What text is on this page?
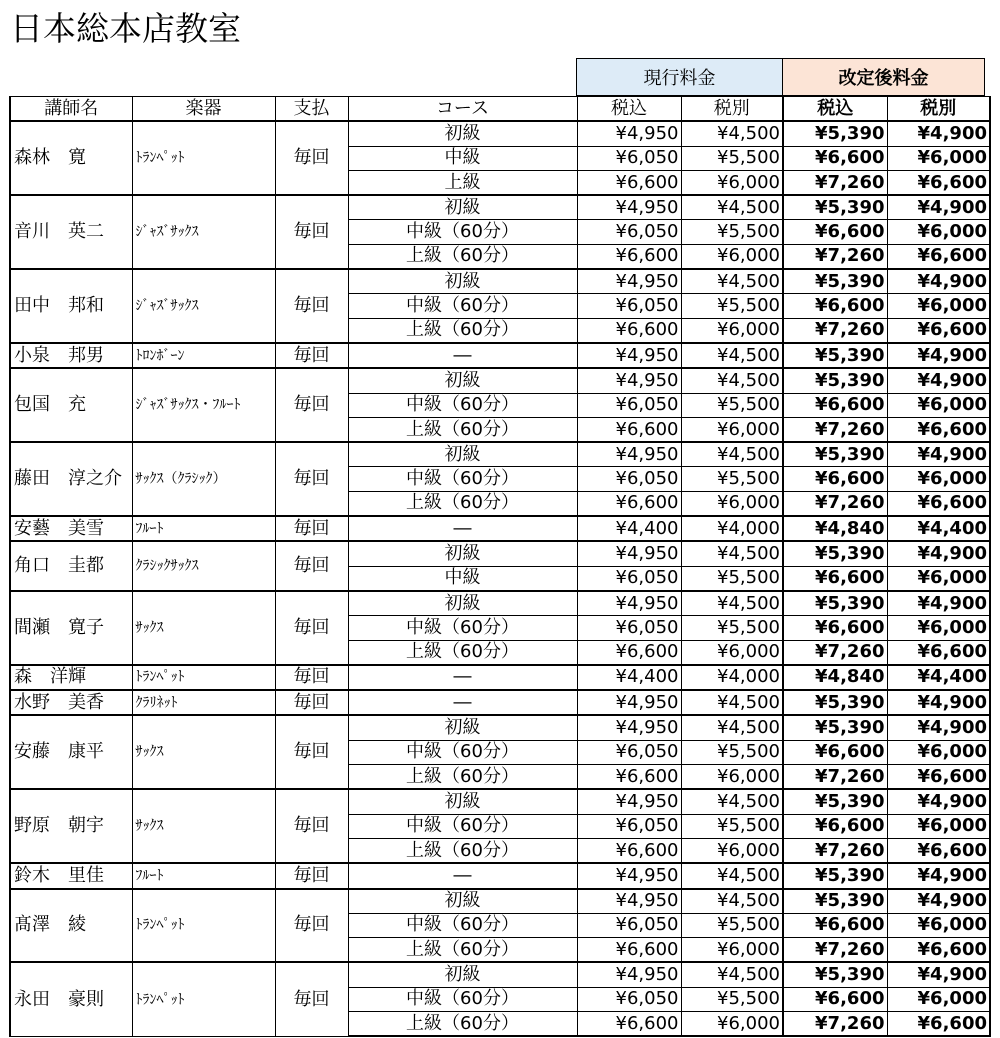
日本総本店教室
現行料金	改定後料金
講師名	楽器	支払	コース	税込	税別	税込	税別
森林　寛	ﾄﾗﾝﾍﾟｯﾄ	毎回	初級	¥4,950	¥4,500	¥5,390	¥4,900
			中級	¥6,050	¥5,500	¥6,600	¥6,000
			上級	¥6,600	¥6,000	¥7,260	¥6,600
音川　英二	ｼﾞｬｽﾞｻｯｸｽ	毎回	初級	¥4,950	¥4,500	¥5,390	¥4,900
			中級（60分）	¥6,050	¥5,500	¥6,600	¥6,000
			上級（60分）	¥6,600	¥6,000	¥7,260	¥6,600
田中　邦和	ｼﾞｬｽﾞｻｯｸｽ	毎回	初級	¥4,950	¥4,500	¥5,390	¥4,900
			中級（60分）	¥6,050	¥5,500	¥6,600	¥6,000
			上級（60分）	¥6,600	¥6,000	¥7,260	¥6,600
小泉　邦男	ﾄﾛﾝﾎﾞｰﾝ	毎回	―	¥4,950	¥4,500	¥5,390	¥4,900
包国　充	ｼﾞｬｽﾞｻｯｸｽ・ﾌﾙｰﾄ	毎回	初級	¥4,950	¥4,500	¥5,390	¥4,900
			中級（60分）	¥6,050	¥5,500	¥6,600	¥6,000
			上級（60分）	¥6,600	¥6,000	¥7,260	¥6,600
藤田　淳之介	ｻｯｸｽ（ｸﾗｼｯｸ）	毎回	初級	¥4,950	¥4,500	¥5,390	¥4,900
			中級（60分）	¥6,050	¥5,500	¥6,600	¥6,000
			上級（60分）	¥6,600	¥6,000	¥7,260	¥6,600
安藝　美雪	ﾌﾙｰﾄ	毎回	―	¥4,400	¥4,000	¥4,840	¥4,400
角口　圭都	ｸﾗｼｯｸｻｯｸｽ	毎回	初級	¥4,950	¥4,500	¥5,390	¥4,900
			中級	¥6,050	¥5,500	¥6,600	¥6,000
間瀬　寛子	ｻｯｸｽ	毎回	初級	¥4,950	¥4,500	¥5,390	¥4,900
			中級（60分）	¥6,050	¥5,500	¥6,600	¥6,000
			上級（60分）	¥6,600	¥6,000	¥7,260	¥6,600
森　洋輝	ﾄﾗﾝﾍﾟｯﾄ	毎回	―	¥4,400	¥4,000	¥4,840	¥4,400
水野　美香	ｸﾗﾘﾈｯﾄ	毎回	―	¥4,950	¥4,500	¥5,390	¥4,900
安藤　康平	ｻｯｸｽ	毎回	初級	¥4,950	¥4,500	¥5,390	¥4,900
			中級（60分）	¥6,050	¥5,500	¥6,600	¥6,000
			上級（60分）	¥6,600	¥6,000	¥7,260	¥6,600
野原　朝宇	ｻｯｸｽ	毎回	初級	¥4,950	¥4,500	¥5,390	¥4,900
			中級（60分）	¥6,050	¥5,500	¥6,600	¥6,000
			上級（60分）	¥6,600	¥6,000	¥7,260	¥6,600
鈴木　里佳	ﾌﾙｰﾄ	毎回	―	¥4,950	¥4,500	¥5,390	¥4,900
髙澤　綾	ﾄﾗﾝﾍﾟｯﾄ	毎回	初級	¥4,950	¥4,500	¥5,390	¥4,900
			中級（60分）	¥6,050	¥5,500	¥6,600	¥6,000
			上級（60分）	¥6,600	¥6,000	¥7,260	¥6,600
永田　豪則	ﾄﾗﾝﾍﾟｯﾄ	毎回	初級	¥4,950	¥4,500	¥5,390	¥4,900
			中級（60分）	¥6,050	¥5,500	¥6,600	¥6,000
			上級（60分）	¥6,600	¥6,000	¥7,260	¥6,600
